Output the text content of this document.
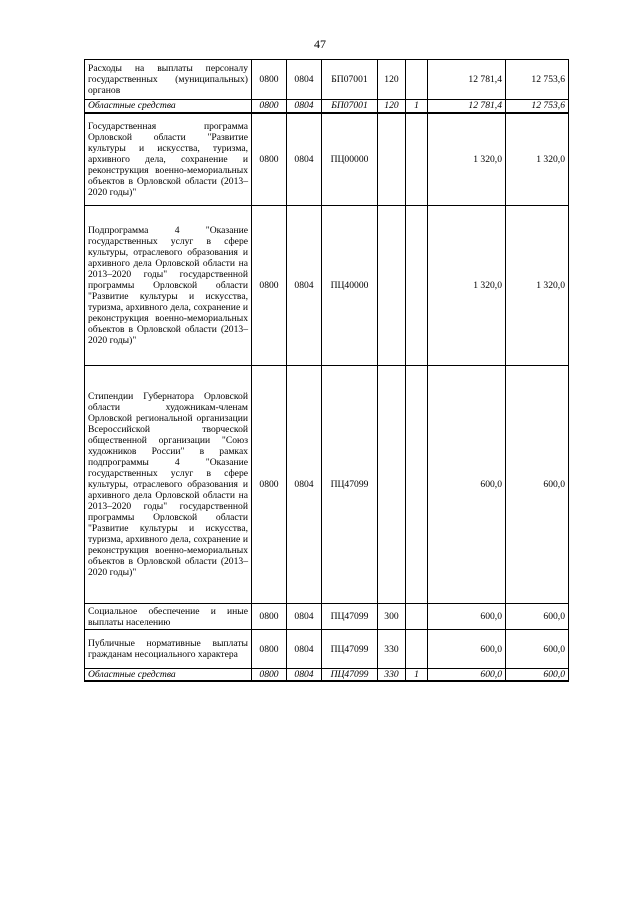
47
Расходы на выплаты персоналу государственных (муниципальных) органов	0800	0804	БП07001	120		12 781,4	12 753,6
Областные средства	0800	0804	БП07001	120	1	12 781,4	12 753,6
Государственная программа Орловской области "Развитие культуры и искусства, туризма, архивного дела, сохранение и реконструкция военно-мемориальных объектов в Орловской области (2013–2020 годы)"	0800	0804	ПЦ00000			1 320,0	1 320,0
Подпрограмма 4 "Оказание государственных услуг в сфере культуры, отраслевого образования и архивного дела Орловской области на 2013–2020 годы" государственной программы Орловской области "Развитие культуры и искусства, туризма, архивного дела, сохранение и реконструкция военно-мемориальных объектов в Орловской области (2013–2020 годы)"	0800	0804	ПЦ40000			1 320,0	1 320,0
Стипендии Губернатора Орловской области художникам-членам Орловской региональной организации Всероссийской творческой общественной организации "Союз художников России" в рамках подпрограммы 4 "Оказание государственных услуг в сфере культуры, отраслевого образования и архивного дела Орловской области на 2013–2020 годы" государственной программы Орловской области "Развитие культуры и искусства, туризма, архивного дела, сохранение и реконструкция военно-мемориальных объектов в Орловской области (2013–2020 годы)"	0800	0804	ПЦ47099			600,0	600,0
Социальное обеспечение и иные выплаты населению	0800	0804	ПЦ47099	300		600,0	600,0
Публичные нормативные выплаты гражданам несоциального характера	0800	0804	ПЦ47099	330		600,0	600,0
Областные средства	0800	0804	ПЦ47099	330	1	600,0	600,0
